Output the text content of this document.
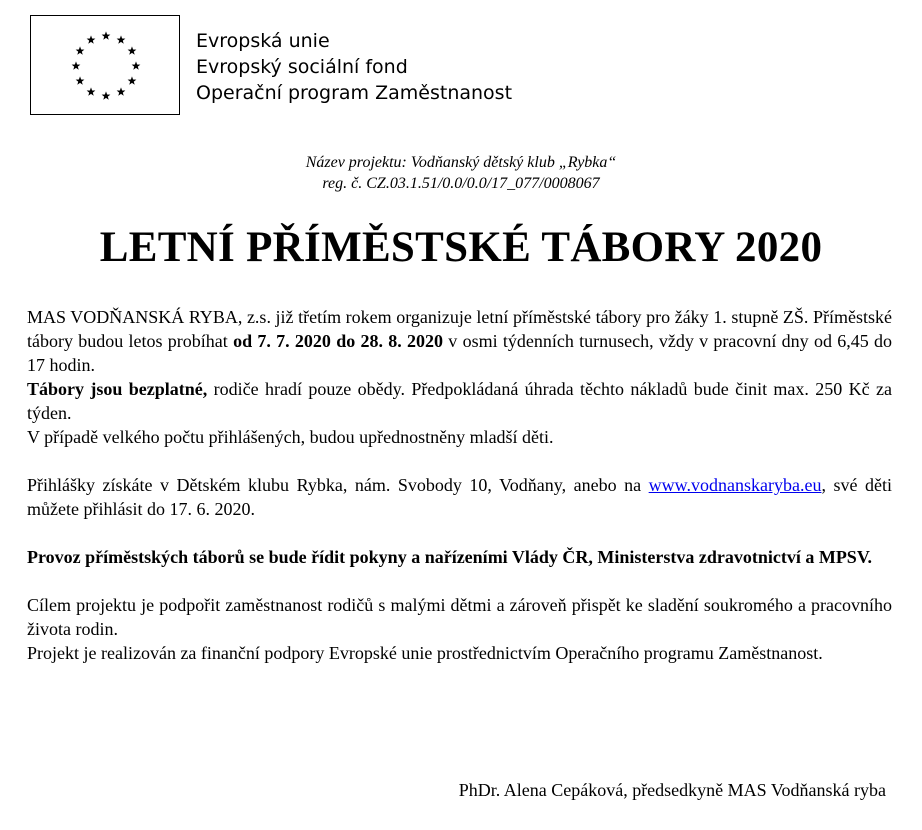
Evropská unie
Evropský sociální fond
Operační program Zaměstnanost
Název projektu: Vodňanský dětský klub „Rybka“
reg. č. CZ.03.1.51/0.0/0.0/17_077/0008067
LETNÍ PŘÍMĚSTSKÉ TÁBORY 2020

MAS VODŇANSKÁ RYBA, z.s. již třetím rokem organizuje letní příměstské tábory pro žáky 1. stupně ZŠ. Příměstské tábory budou letos probíhat od 7. 7. 2020 do 28. 8. 2020 v osmi týdenních turnusech, vždy v pracovní dny od 6,45 do 17 hodin.

Tábory jsou bezplatné, rodiče hradí pouze obědy. Předpokládaná úhrada těchto nákladů bude činit max. 250 Kč za týden.

V případě velkého počtu přihlášených, budou upřednostněny mladší děti.

Přihlášky získáte v Dětském klubu Rybka, nám. Svobody 10, Vodňany, anebo na www.vodnanskaryba.eu, své děti můžete přihlásit do 17. 6. 2020.

Provoz příměstských táborů se bude řídit pokyny a nařízeními Vlády ČR, Ministerstva zdravotnictví a MPSV.

Cílem projektu je podpořit zaměstnanost rodičů s malými dětmi a zároveň přispět ke sladění soukromého a pracovního života rodin.

Projekt je realizován za finanční podpory Evropské unie prostřednictvím Operačního programu Zaměstnanost.

PhDr. Alena Cepáková, předsedkyně MAS Vodňanská ryba
